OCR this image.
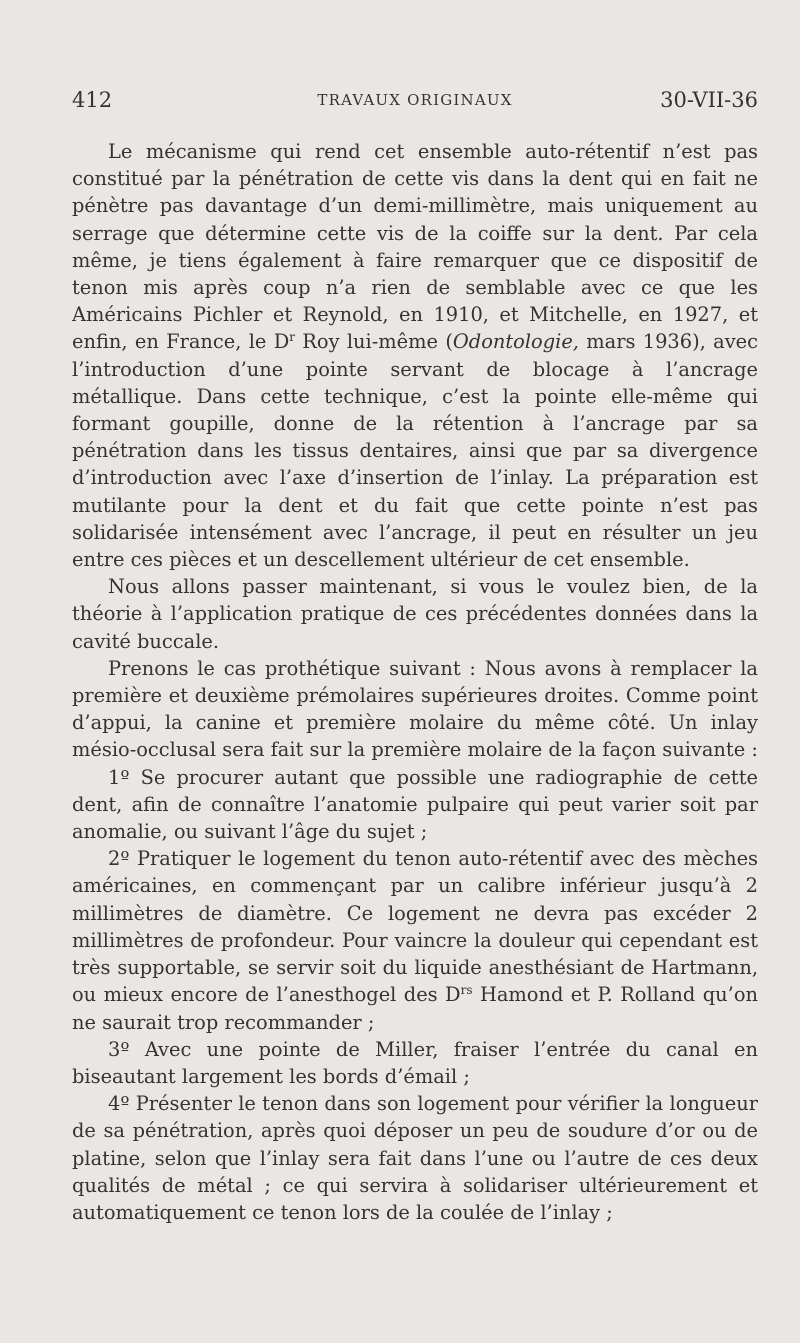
412	TRAVAUX ORIGINAUX	30-VII-36

Le mécanisme qui rend cet ensemble auto-rétentif n’est pas constitué par la pénétration de cette vis dans la dent qui en fait ne pénètre pas davantage d’un demi-millimètre, mais uniquement au serrage que détermine cette vis de la coiffe sur la dent. Par cela même, je tiens également à faire remarquer que ce dispositif de tenon mis après coup n’a rien de semblable avec ce que les Américains Pichler et Reynold, en 1910, et Mitchelle, en 1927, et enfin, en France, le $D^r$ Roy lui-même (Odontologie, mars 1936), avec l’introduction d’une pointe servant de blocage à l’ancrage métallique. Dans cette technique, c’est la pointe elle-même qui formant goupille, donne de la rétention à l’ancrage par sa pénétration dans les tissus dentaires, ainsi que par sa divergence d’introduction avec l’axe d’insertion de l’inlay. La préparation est mutilante pour la dent et du fait que cette pointe n’est pas solidarisée intensément avec l’ancrage, il peut en résulter un jeu entre ces pièces et un descellement ultérieur de cet ensemble.

Nous allons passer maintenant, si vous le voulez bien, de la théorie à l’application pratique de ces précédentes données dans la cavité buccale.

Prenons le cas prothétique suivant : Nous avons à remplacer la première et deuxième prémolaires supérieures droites. Comme point d’appui, la canine et première molaire du même côté. Un inlay mésio-occlusal sera fait sur la première molaire de la façon suivante :

1º Se procurer autant que possible une radiographie de cette dent, afin de connaître l’anatomie pulpaire qui peut varier soit par anomalie, ou suivant l’âge du sujet ;

2º Pratiquer le logement du tenon auto-rétentif avec des mèches américaines, en commençant par un calibre inférieur jusqu’à 2 millimètres de diamètre. Ce logement ne devra pas excéder 2 millimètres de profondeur. Pour vaincre la douleur qui cependant est très supportable, se servir soit du liquide anesthésiant de Hartmann, ou mieux encore de l’anesthogel des $D^{rs}$ Hamond et P. Rolland qu’on ne saurait trop recommander ;

3º Avec une pointe de Miller, fraiser l’entrée du canal en biseautant largement les bords d’émail ;

4º Présenter le tenon dans son logement pour vérifier la longueur de sa pénétration, après quoi déposer un peu de soudure d’or ou de platine, selon que l’inlay sera fait dans l’une ou l’autre de ces deux qualités de métal ; ce qui servira à solidariser ultérieurement et automatiquement ce tenon lors de la coulée de l’inlay ;
